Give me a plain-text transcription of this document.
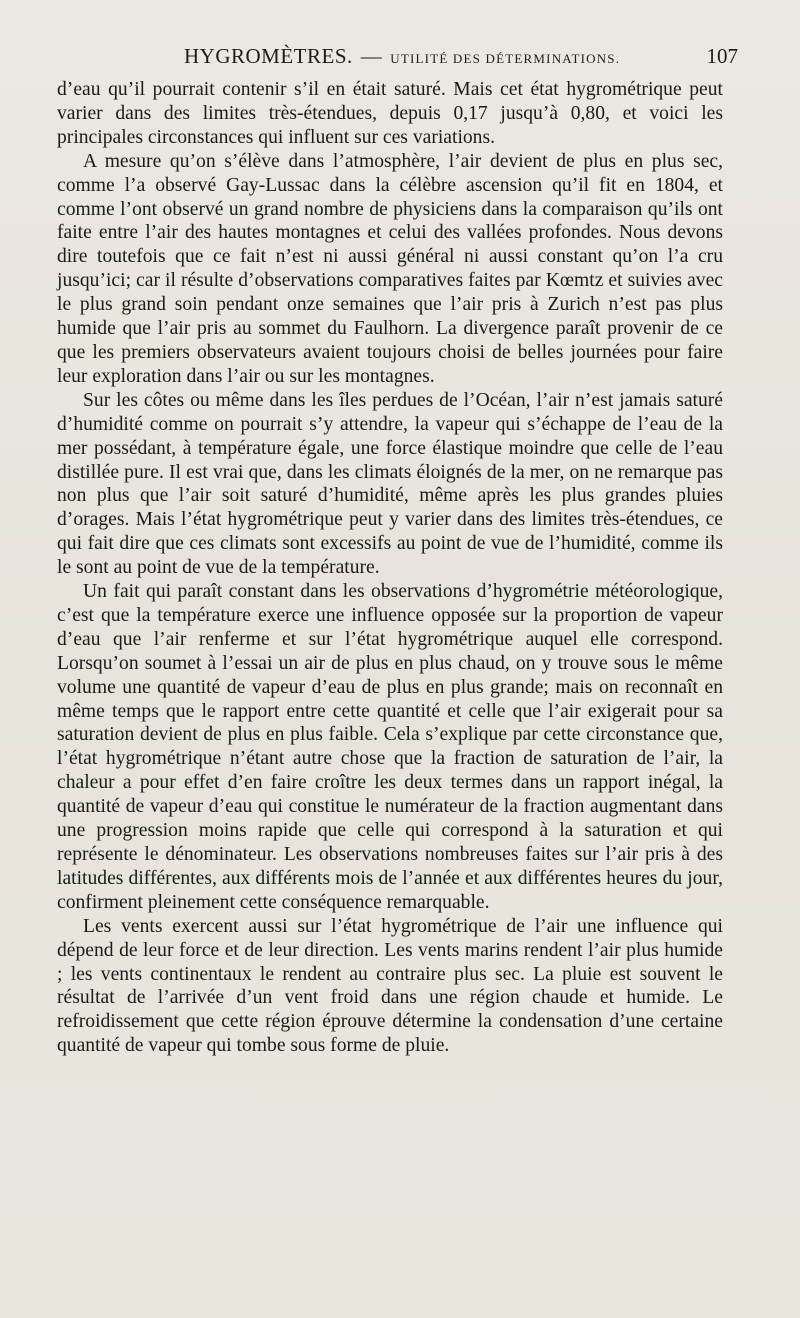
HYGROMÈTRES. — UTILITÉ DES DÉTERMINATIONS.	107

d’eau qu’il pourrait contenir s’il en était saturé. Mais cet état hygrométrique peut varier dans des limites très-étendues, depuis 0,17 jusqu’à 0,80, et voici les principales circonstances qui influent sur ces variations.

A mesure qu’on s’élève dans l’atmosphère, l’air devient de plus en plus sec, comme l’a observé Gay-Lussac dans la célèbre ascension qu’il fit en 1804, et comme l’ont observé un grand nombre de physiciens dans la comparaison qu’ils ont faite entre l’air des hautes montagnes et celui des vallées profondes. Nous devons dire toutefois que ce fait n’est ni aussi général ni aussi constant qu’on l’a cru jusqu’ici; car il résulte d’observations comparatives faites par Kœmtz et suivies avec le plus grand soin pendant onze semaines que l’air pris à Zurich n’est pas plus humide que l’air pris au sommet du Faulhorn. La divergence paraît provenir de ce que les premiers observateurs avaient toujours choisi de belles journées pour faire leur exploration dans l’air ou sur les montagnes.

Sur les côtes ou même dans les îles perdues de l’Océan, l’air n’est jamais saturé d’humidité comme on pourrait s’y attendre, la vapeur qui s’échappe de l’eau de la mer possédant, à température égale, une force élastique moindre que celle de l’eau distillée pure. Il est vrai que, dans les climats éloignés de la mer, on ne remarque pas non plus que l’air soit saturé d’humidité, même après les plus grandes pluies d’orages. Mais l’état hygrométrique peut y varier dans des limites très-étendues, ce qui fait dire que ces climats sont excessifs au point de vue de l’humidité, comme ils le sont au point de vue de la température.

Un fait qui paraît constant dans les observations d’hygrométrie météorologique, c’est que la température exerce une influence opposée sur la proportion de vapeur d’eau que l’air renferme et sur l’état hygrométrique auquel elle correspond. Lorsqu’on soumet à l’essai un air de plus en plus chaud, on y trouve sous le même volume une quantité de vapeur d’eau de plus en plus grande; mais on reconnaît en même temps que le rapport entre cette quantité et celle que l’air exigerait pour sa saturation devient de plus en plus faible. Cela s’explique par cette circonstance que, l’état hygrométrique n’étant autre chose que la fraction de saturation de l’air, la chaleur a pour effet d’en faire croître les deux termes dans un rapport inégal, la quantité de vapeur d’eau qui constitue le numérateur de la fraction augmentant dans une progression moins rapide que celle qui correspond à la saturation et qui représente le dénominateur. Les observations nombreuses faites sur l’air pris à des latitudes différentes, aux différents mois de l’année et aux différentes heures du jour, confirment pleinement cette conséquence remarquable.

Les vents exercent aussi sur l’état hygrométrique de l’air une influence qui dépend de leur force et de leur direction. Les vents marins rendent l’air plus humide ; les vents continentaux le rendent au contraire plus sec. La pluie est souvent le résultat de l’arrivée d’un vent froid dans une région chaude et humide. Le refroidissement que cette région éprouve détermine la condensation d’une certaine quantité de vapeur qui tombe sous forme de pluie.
